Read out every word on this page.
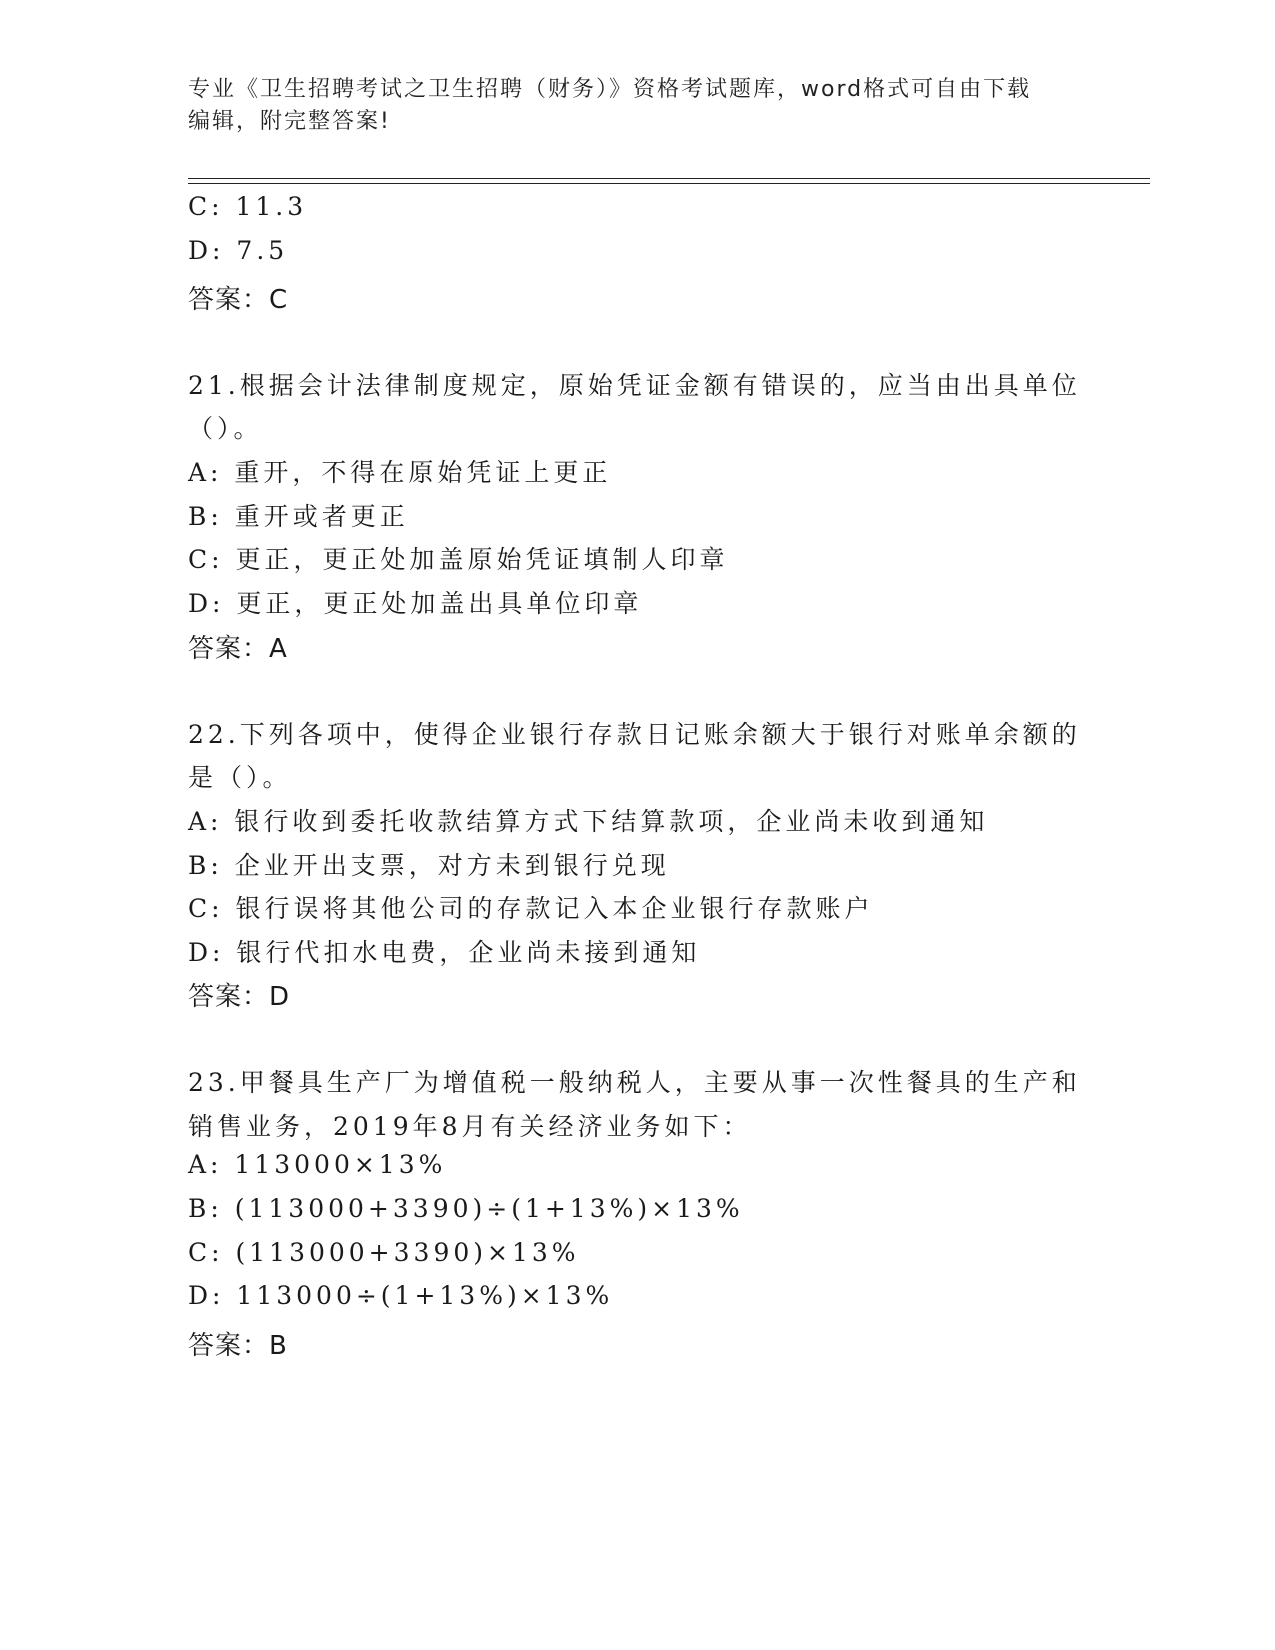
专业《卫生招聘考试之卫生招聘（财务）》资格考试题库，word格式可自由下载
编辑，附完整答案!
C: 11.3
D: 7.5
答案：C
21.根据会计法律制度规定，原始凭证金额有错误的，应当由出具单位
（）。
A: 重开，不得在原始凭证上更正
B: 重开或者更正
C: 更正，更正处加盖原始凭证填制人印章
D: 更正，更正处加盖出具单位印章
答案：A
22.下列各项中，使得企业银行存款日记账余额大于银行对账单余额的
是（）。
A: 银行收到委托收款结算方式下结算款项，企业尚未收到通知
B: 企业开出支票，对方未到银行兑现
C: 银行误将其他公司的存款记入本企业银行存款账户
D: 银行代扣水电费，企业尚未接到通知
答案：D
23.甲餐具生产厂为增值税一般纳税人，主要从事一次性餐具的生产和
销售业务，2019年8月有关经济业务如下：
A: 113000×13%
B: (113000+3390)÷(1+13%)×13%
C: (113000+3390)×13%
D: 113000÷(1+13%)×13%
答案：B
